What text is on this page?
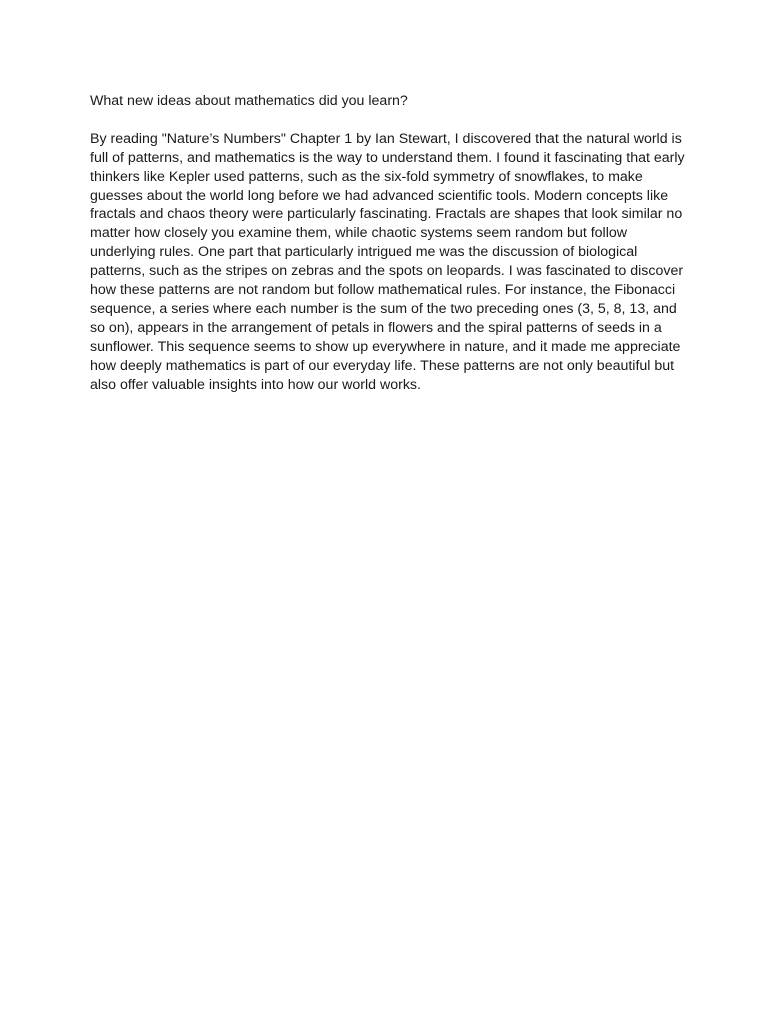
What new ideas about mathematics did you learn?

By reading "Nature’s Numbers" Chapter 1 by Ian Stewart, I discovered that the natural world is
full of patterns, and mathematics is the way to understand them. I found it fascinating that early
thinkers like Kepler used patterns, such as the six-fold symmetry of snowflakes, to make
guesses about the world long before we had advanced scientific tools. Modern concepts like
fractals and chaos theory were particularly fascinating. Fractals are shapes that look similar no
matter how closely you examine them, while chaotic systems seem random but follow
underlying rules. One part that particularly intrigued me was the discussion of biological
patterns, such as the stripes on zebras and the spots on leopards. I was fascinated to discover
how these patterns are not random but follow mathematical rules. For instance, the Fibonacci
sequence, a series where each number is the sum of the two preceding ones (3, 5, 8, 13, and
so on), appears in the arrangement of petals in flowers and the spiral patterns of seeds in a
sunflower. This sequence seems to show up everywhere in nature, and it made me appreciate
how deeply mathematics is part of our everyday life. These patterns are not only beautiful but
also offer valuable insights into how our world works.
